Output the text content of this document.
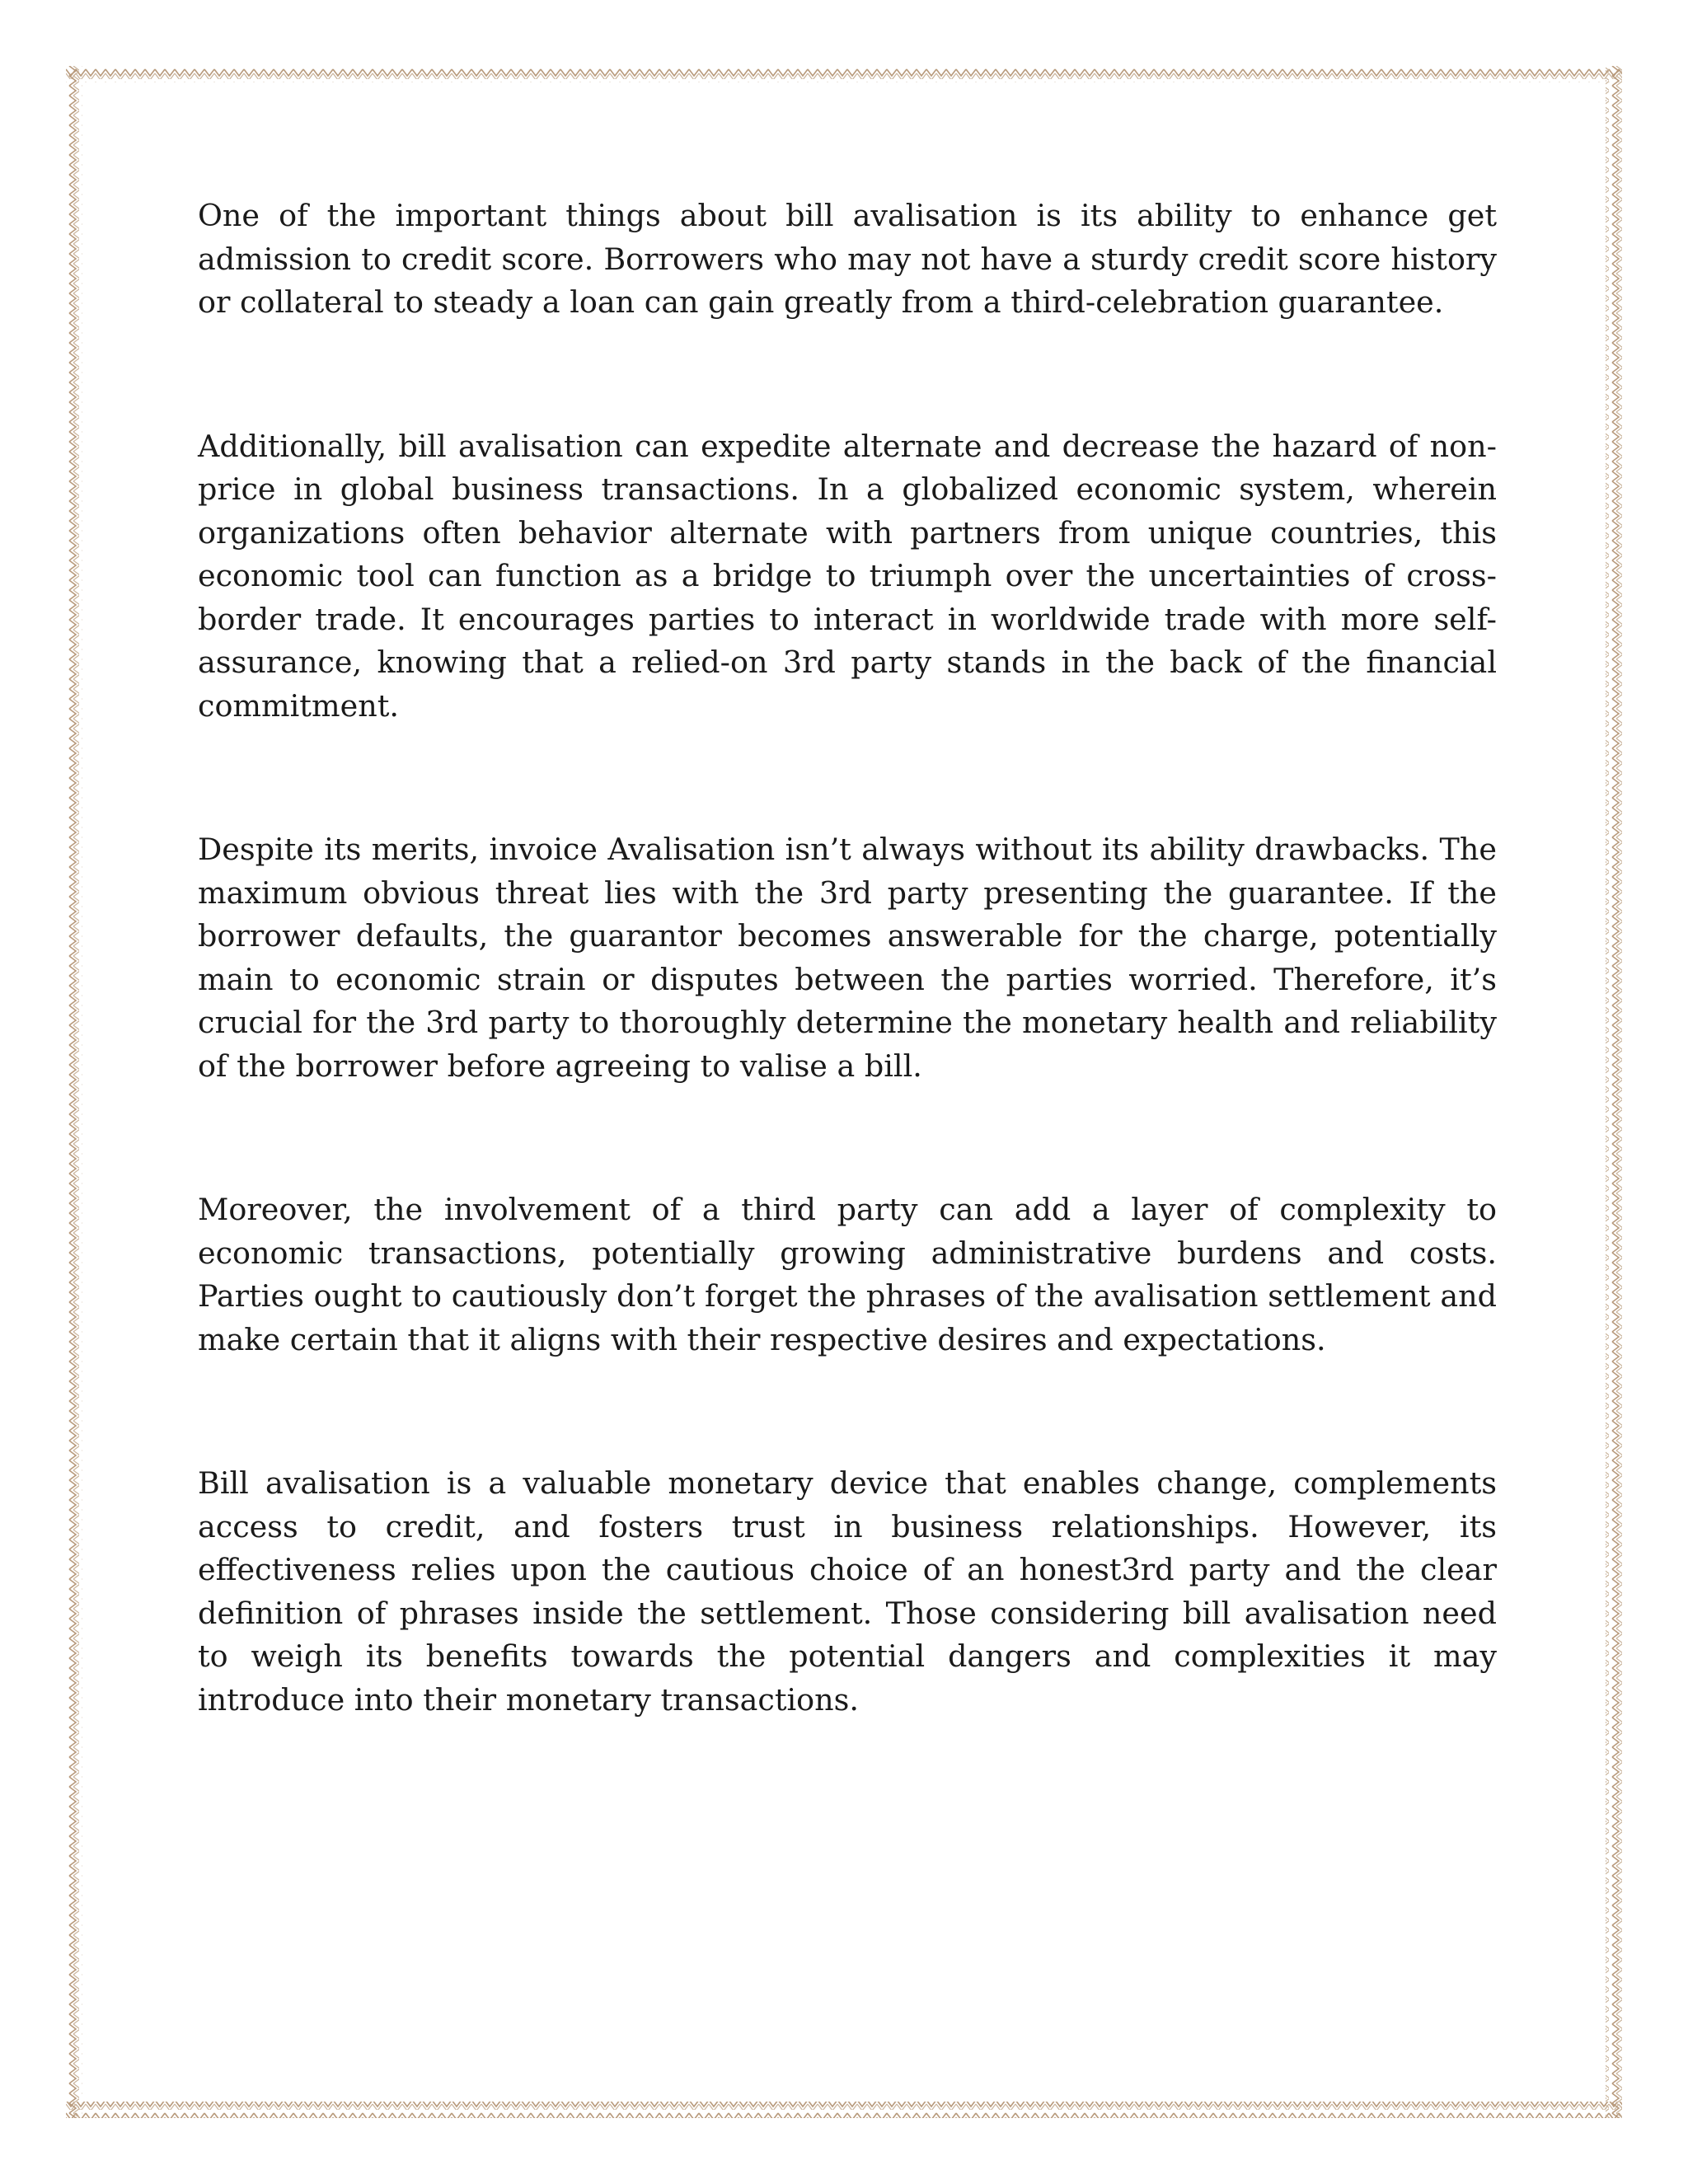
One of the important things about bill avalisation is its ability to enhance get admission to credit score. Borrowers who may not have a sturdy credit score history or collateral to steady a loan can gain greatly from a third-celebration guarantee.

Additionally, bill avalisation can expedite alternate and decrease the hazard of non-price in global business transactions. In a globalized economic system, wherein organizations often behavior alternate with partners from unique countries, this economic tool can function as a bridge to triumph over the uncertainties of cross-border trade. It encourages parties to interact in worldwide trade with more self-assurance, knowing that a relied-on 3rd party stands in the back of the financial commitment.

Despite its merits, invoice Avalisation isn’t always without its ability drawbacks. The maximum obvious threat lies with the 3rd party presenting the guarantee. If the borrower defaults, the guarantor becomes answerable for the charge, potentially main to economic strain or disputes between the parties worried. Therefore, it’s crucial for the 3rd party to thoroughly determine the monetary health and reliability of the borrower before agreeing to valise a bill.

Moreover, the involvement of a third party can add a layer of complexity to economic transactions, potentially growing administrative burdens and costs. Parties ought to cautiously don’t forget the phrases of the avalisation settlement and make certain that it aligns with their respective desires and expectations.

Bill avalisation is a valuable monetary device that enables change, complements access to credit, and fosters trust in business relationships. However, its effectiveness relies upon the cautious choice of an honest3rd party and the clear definition of phrases inside the settlement. Those considering bill avalisation need to weigh its benefits towards the potential dangers and complexities it may introduce into their monetary transactions.
